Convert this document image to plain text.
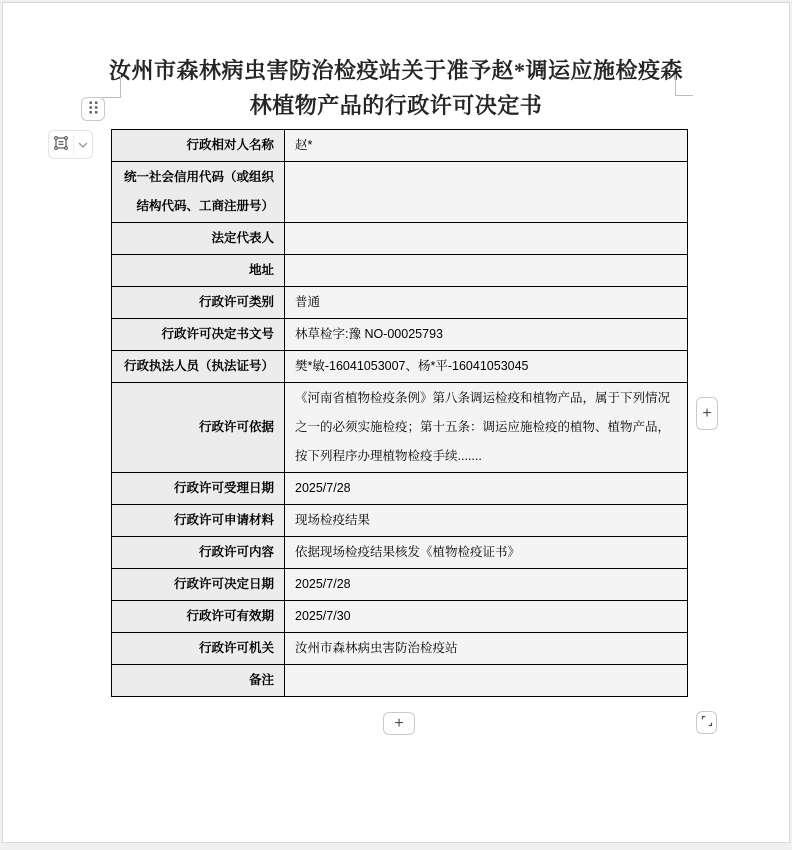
汝州市森林病虫害防治检疫站关于准予赵*调运应施检疫森
林植物产品的行政许可决定书
行政相对人名称	赵*
统一社会信用代码（或组织结构代码、工商注册号）	
法定代表人	
地址	
行政许可类别	普通
行政许可决定书文号	林草检字:豫 NO-00025793
行政执法人员（执法证号）	樊*敏-16041053007、杨*平-16041053045
行政许可依据	《河南省植物检疫条例》第八条调运检疫和植物产品，属于下列情况之一的必须实施检疫；第十五条：调运应施检疫的植物、植物产品，按下列程序办理植物检疫手续.......
行政许可受理日期	2025/7/28
行政许可申请材料	现场检疫结果
行政许可内容	依据现场检疫结果核发《植物检疫证书》
行政许可决定日期	2025/7/28
行政许可有效期	2025/7/30
行政许可机关	汝州市森林病虫害防治检疫站
备注	
+
+
